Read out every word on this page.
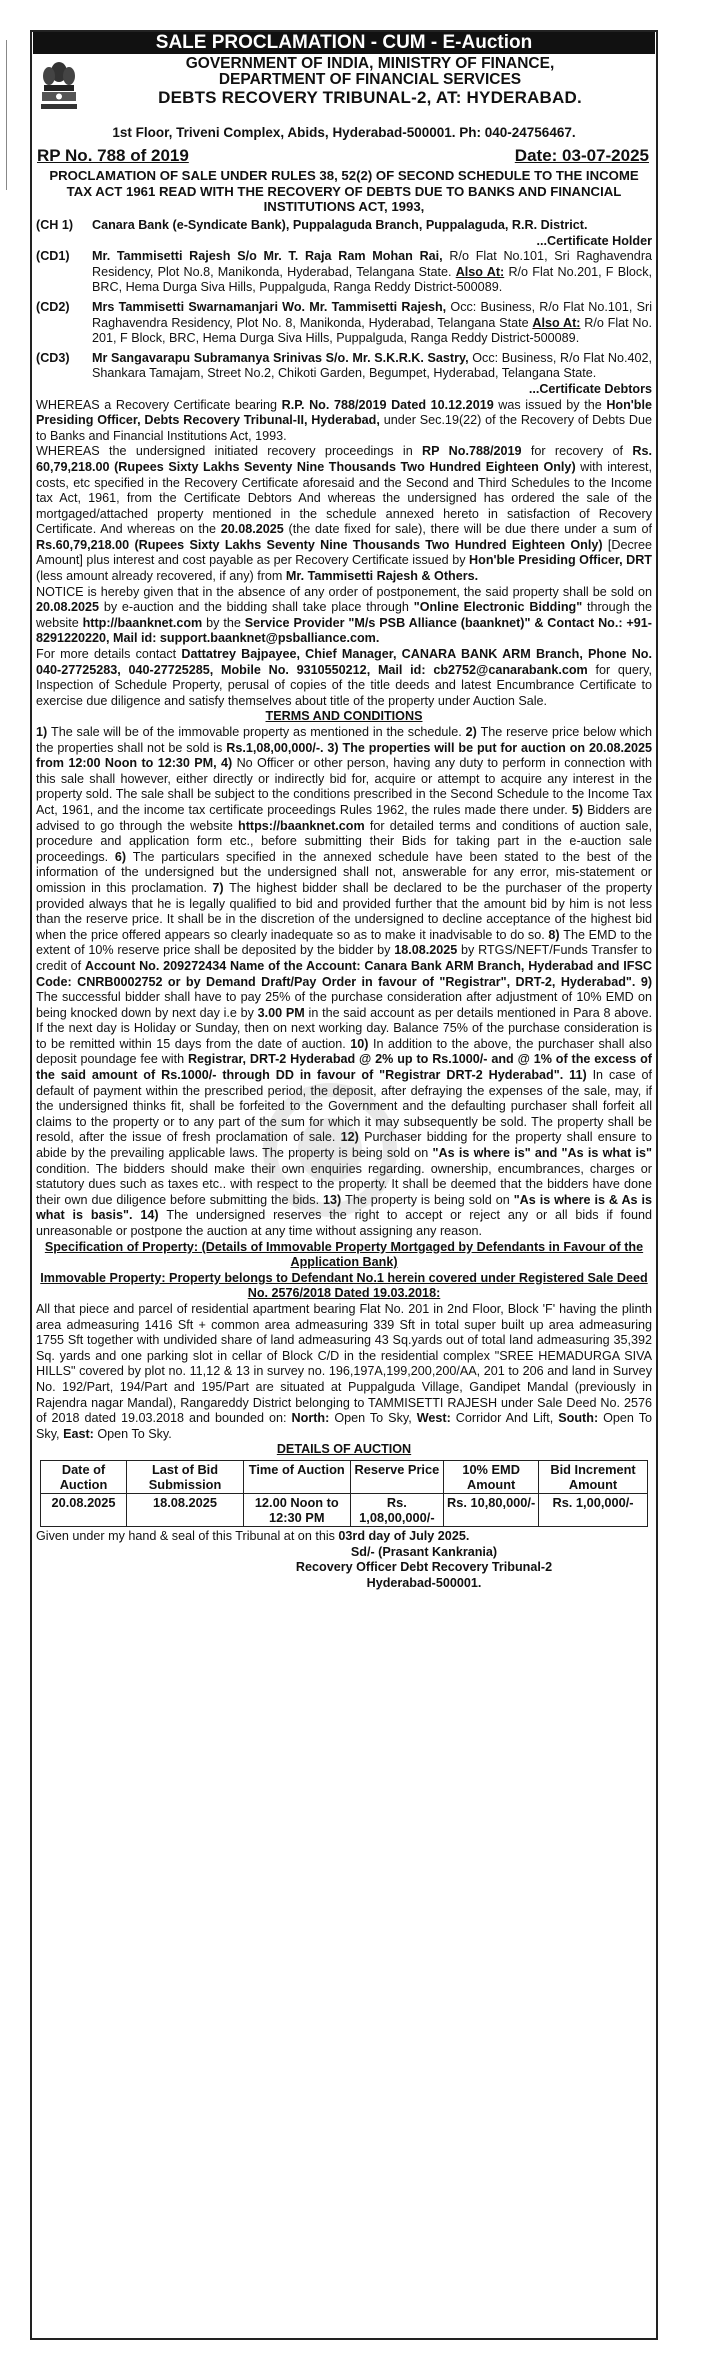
SALE PROCLAMATION - CUM - E-Auction
GOVERNMENT OF INDIA, MINISTRY OF FINANCE,
DEPARTMENT OF FINANCIAL SERVICES
DEBTS RECOVERY TRIBUNAL-2, AT: HYDERABAD.
1st Floor, Triveni Complex, Abids, Hyderabad-500001. Ph: 040-24756467.
RP No. 788 of 2019	Date: 03-07-2025
PROCLAMATION OF SALE UNDER RULES 38, 52(2) OF SECOND SCHEDULE TO THE INCOME TAX ACT 1961 READ WITH THE RECOVERY OF DEBTS DUE TO BANKS AND FINANCIAL INSTITUTIONS ACT, 1993,
(CH 1)	Canara Bank (e-Syndicate Bank), Puppalaguda Branch, Puppalaguda, R.R. District.
...Certificate Holder
(CD1)	Mr. Tammisetti Rajesh S/o Mr. T. Raja Ram Mohan Rai, R/o Flat No.101, Sri Raghavendra Residency, Plot No.8, Manikonda, Hyderabad, Telangana State. Also At: R/o Flat No.201, F Block, BRC, Hema Durga Siva Hills, Puppalguda, Ranga Reddy District-500089.
(CD2)	Mrs Tammisetti Swarnamanjari Wo. Mr. Tammisetti Rajesh, Occ: Business, R/o Flat No.101, Sri Raghavendra Residency, Plot No. 8, Manikonda, Hyderabad, Telangana State Also At: R/o Flat No. 201, F Block, BRC, Hema Durga Siva Hills, Puppalguda, Ranga Reddy District-500089.
(CD3)	Mr Sangavarapu Subramanya Srinivas S/o. Mr. S.K.R.K. Sastry, Occ: Business, R/o Flat No.402, Shankara Tamajam, Street No.2, Chikoti Garden, Begumpet, Hyderabad, Telangana State.
...Certificate Debtors

WHEREAS a Recovery Certificate bearing R.P. No. 788/2019 Dated 10.12.2019 was issued by the Hon'ble Presiding Officer, Debts Recovery Tribunal-II, Hyderabad, under Sec.19(22) of the Recovery of Debts Due to Banks and Financial Institutions Act, 1993.

WHEREAS the undersigned initiated recovery proceedings in RP No.788/2019 for recovery of Rs. 60,79,218.00 (Rupees Sixty Lakhs Seventy Nine Thousands Two Hundred Eighteen Only) with interest, costs, etc specified in the Recovery Certificate aforesaid and the Second and Third Schedules to the Income tax Act, 1961, from the Certificate Debtors And whereas the undersigned has ordered the sale of the mortgaged/attached property mentioned in the schedule annexed hereto in satisfaction of Recovery Certificate. And whereas on the 20.08.2025 (the date fixed for sale), there will be due there under a sum of Rs.60,79,218.00 (Rupees Sixty Lakhs Seventy Nine Thousands Two Hundred Eighteen Only) [Decree Amount] plus interest and cost payable as per Recovery Certificate issued by Hon'ble Presiding Officer, DRT (less amount already recovered, if any) from Mr. Tammisetti Rajesh & Others.

NOTICE is hereby given that in the absence of any order of postponement, the said property shall be sold on 20.08.2025 by e-auction and the bidding shall take place through "Online Electronic Bidding" through the website http://baanknet.com by the Service Provider "M/s PSB Alliance (baanknet)" & Contact No.: +91-8291220220, Mail id: support.baanknet@psballiance.com.

For more details contact Dattatrey Bajpayee, Chief Manager, CANARA BANK ARM Branch, Phone No. 040-27725283, 040-27725285, Mobile No. 9310550212, Mail id: cb2752@canarabank.com for query, Inspection of Schedule Property, perusal of copies of the title deeds and latest Encumbrance Certificate to exercise due diligence and satisfy themselves about title of the property under Auction Sale.

TERMS AND CONDITIONS

1) The sale will be of the immovable property as mentioned in the schedule. 2) The reserve price below which the properties shall not be sold is Rs.1,08,00,000/-. 3) The properties will be put for auction on 20.08.2025 from 12:00 Noon to 12:30 PM, 4) No Officer or other person, having any duty to perform in connection with this sale shall however, either directly or indirectly bid for, acquire or attempt to acquire any interest in the property sold. The sale shall be subject to the conditions prescribed in the Second Schedule to the Income Tax Act, 1961, and the income tax certificate proceedings Rules 1962, the rules made there under. 5) Bidders are advised to go through the website https://baanknet.com for detailed terms and conditions of auction sale, procedure and application form etc., before submitting their Bids for taking part in the e-auction sale proceedings. 6) The particulars specified in the annexed schedule have been stated to the best of the information of the undersigned but the undersigned shall not, answerable for any error, mis-statement or omission in this proclamation. 7) The highest bidder shall be declared to be the purchaser of the property provided always that he is legally qualified to bid and provided further that the amount bid by him is not less than the reserve price. It shall be in the discretion of the undersigned to decline acceptance of the highest bid when the price offered appears so clearly inadequate so as to make it inadvisable to do so. 8) The EMD to the extent of 10% reserve price shall be deposited by the bidder by 18.08.2025 by RTGS/NEFT/Funds Transfer to credit of Account No. 209272434 Name of the Account: Canara Bank ARM Branch, Hyderabad and IFSC Code: CNRB0002752 or by Demand Draft/Pay Order in favour of "Registrar", DRT-2, Hyderabad". 9) The successful bidder shall have to pay 25% of the purchase consideration after adjustment of 10% EMD on being knocked down by next day i.e by 3.00 PM in the said account as per details mentioned in Para 8 above. If the next day is Holiday or Sunday, then on next working day. Balance 75% of the purchase consideration is to be remitted within 15 days from the date of auction. 10) In addition to the above, the purchaser shall also deposit poundage fee with Registrar, DRT-2 Hyderabad @ 2% up to Rs.1000/- and @ 1% of the excess of the said amount of Rs.1000/- through DD in favour of "Registrar DRT-2 Hyderabad". 11) In case of default of payment within the prescribed period, the deposit, after defraying the expenses of the sale, may, if the undersigned thinks fit, shall be forfeited to the Government and the defaulting purchaser shall forfeit all claims to the property or to any part of the sum for which it may subsequently be sold. The property shall be resold, after the issue of fresh proclamation of sale. 12) Purchaser bidding for the property shall ensure to abide by the prevailing applicable laws. The property is being sold on "As is where is" and "As is what is" condition. The bidders should make their own enquiries regarding. ownership, encumbrances, charges or statutory dues such as taxes etc.. with respect to the property. It shall be deemed that the bidders have done their own due diligence before submitting the bids. 13) The property is being sold on "As is where is & As is what is basis". 14) The undersigned reserves the right to accept or reject any or all bids if found unreasonable or postpone the auction at any time without assigning any reason.

Specification of Property: (Details of Immovable Property Mortgaged by Defendants in Favour of the Application Bank)

Immovable Property: Property belongs to Defendant No.1 herein covered under Registered Sale Deed No. 2576/2018 Dated 19.03.2018:

All that piece and parcel of residential apartment bearing Flat No. 201 in 2nd Floor, Block 'F' having the plinth area admeasuring 1416 Sft + common area admeasuring 339 Sft in total super built up area admeasuring 1755 Sft together with undivided share of land admeasuring 43 Sq.yards out of total land admeasuring 35,392 Sq. yards and one parking slot in cellar of Block C/D in the residential complex "SREE HEMADURGA SIVA HILLS" covered by plot no. 11,12 & 13 in survey no. 196,197A,199,200,200/AA, 201 to 206 and land in Survey No. 192/Part, 194/Part and 195/Part are situated at Puppalguda Village, Gandipet Mandal (previously in Rajendra nagar Mandal), Rangareddy District belonging to TAMMISETTI RAJESH under Sale Deed No. 2576 of 2018 dated 19.03.2018 and bounded on: North: Open To Sky, West: Corridor And Lift, South: Open To Sky, East: Open To Sky.

DETAILS OF AUCTION

Date of Auction	Last of Bid Submission	Time of Auction	Reserve Price	10% EMD Amount	Bid Increment Amount
20.08.2025	18.08.2025	12.00 Noon to 12:30 PM	Rs. 1,08,00,000/-	Rs. 10,80,000/-	Rs. 1,00,000/-

Given under my hand & seal of this Tribunal at on this 03rd day of July 2025.

Sd/- (Prasant Kankrania)
Recovery Officer Debt Recovery Tribunal-2
Hyderabad-500001.
